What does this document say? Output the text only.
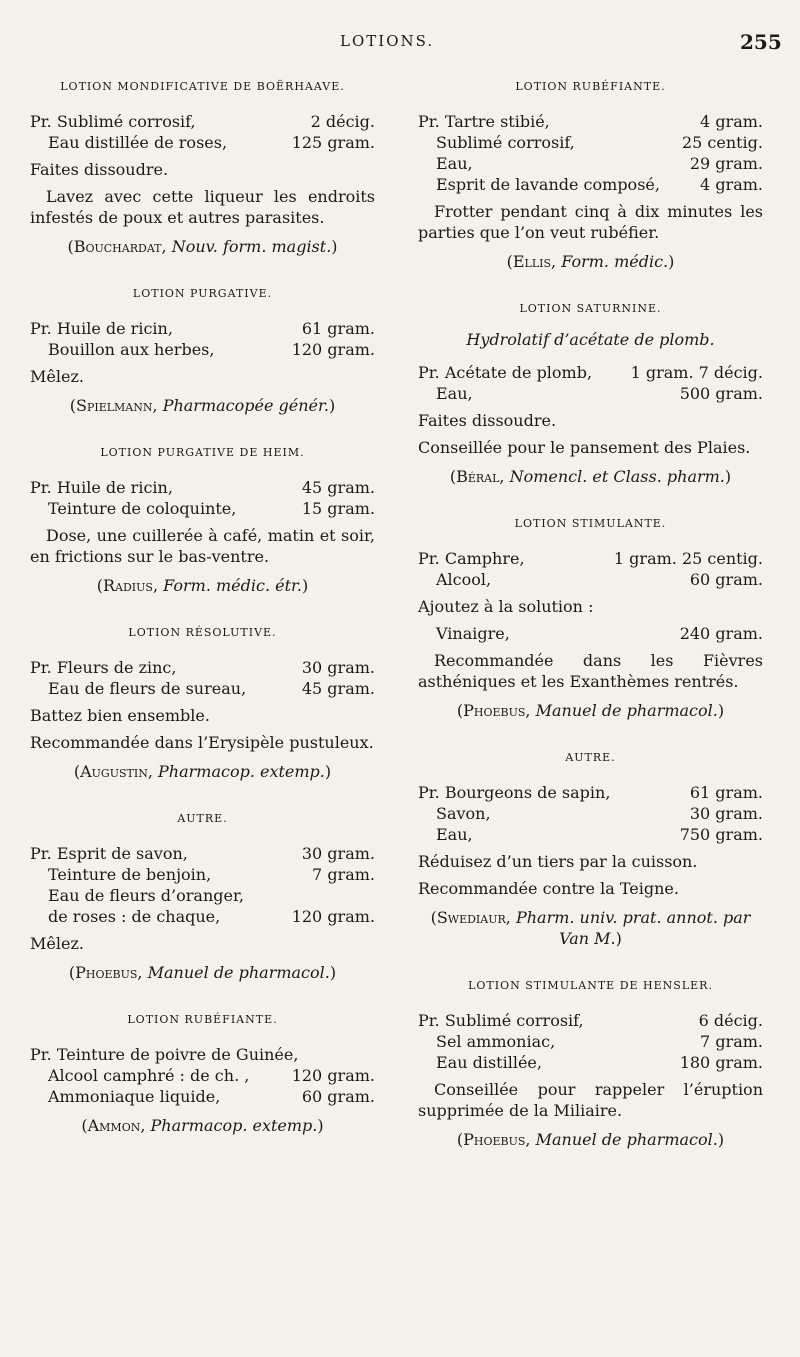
LOTIONS.	255
LOTION MONDIFICATIVE DE BOËRHAAVE.
Pr. Sublimé corrosif,	2 décig.
Eau distillée de roses,	125 gram.
Faites dissoudre.
Lavez avec cette liqueur les endroits infestés de poux et autres parasites.
(Bouchardat, Nouv. form. magist.)
LOTION PURGATIVE.
Pr. Huile de ricin,	61 gram.
Bouillon aux herbes,	120 gram.
Mêlez.
(Spielmann, Pharmacopée génér.)
LOTION PURGATIVE DE HEIM.
Pr. Huile de ricin,	45 gram.
Teinture de coloquinte,	15 gram.
Dose, une cuillerée à café, matin et soir, en frictions sur le bas-ventre.
(Radius, Form. médic. étr.)
LOTION RÉSOLUTIVE.
Pr. Fleurs de zinc,	30 gram.
Eau de fleurs de sureau,	45 gram.
Battez bien ensemble.
Recommandée dans l’Erysipèle pustuleux.
(Augustin, Pharmacop. extemp.)
AUTRE.
Pr. Esprit de savon,	30 gram.
Teinture de benjoin,	7 gram.
Eau de fleurs d’oranger,
de roses : de chaque,	120 gram.
Mêlez.
(Phoebus, Manuel de pharmacol.)
LOTION RUBÉFIANTE.
Pr. Teinture de poivre de Guinée,
Alcool camphré : de ch. ,	120 gram.
Ammoniaque liquide,	60 gram.
(Ammon, Pharmacop. extemp.)
LOTION RUBÉFIANTE.
Pr. Tartre stibié,	4 gram.
Sublimé corrosif,	25 centig.
Eau,	29 gram.
Esprit de lavande composé,	4 gram.
Frotter pendant cinq à dix minutes les parties que l’on veut rubéfier.
(Ellis, Form. médic.)
LOTION SATURNINE.
Hydrolatif d’acétate de plomb.
Pr. Acétate de plomb, 1 gram. 7 décig.
Eau,	500 gram.
Faites dissoudre.
Conseillée pour le pansement des Plaies.
(Béral, Nomencl. et Class. pharm.)
LOTION STIMULANTE.
Pr. Camphre,	1 gram. 25 centig.
Alcool,	60 gram.
Ajoutez à la solution :
Vinaigre,	240 gram.
Recommandée dans les Fièvres asthéniques et les Exanthèmes rentrés.
(Phoebus, Manuel de pharmacol.)
AUTRE.
Pr. Bourgeons de sapin,	61 gram.
Savon,	30 gram.
Eau,	750 gram.
Réduisez d’un tiers par la cuisson.
Recommandée contre la Teigne.
(Swediaur, Pharm. univ. prat. annot. par Van M.)
LOTION STIMULANTE DE HENSLER.
Pr. Sublimé corrosif,	6 décig.
Sel ammoniac,	7 gram.
Eau distillée,	180 gram.
Conseillée pour rappeler l’éruption supprimée de la Miliaire.
(Phoebus, Manuel de pharmacol.)
